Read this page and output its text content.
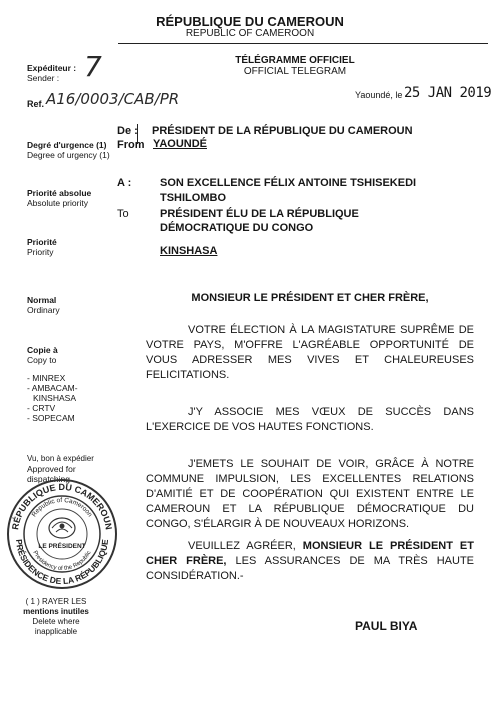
RÉPUBLIQUE DU CAMEROUN
REPUBLIC OF CAMEROON
TÉLÉGRAMME OFFICIEL
OFFICIAL TELEGRAM
Expéditeur :
Sender : 7
Ref. A16/0003/CAB/PR	Yaoundé, le 25 JAN 2019
Degré d'urgence (1)
Degree of urgency (1)
De :
From
PRÉSIDENT DE LA RÉPUBLIQUE DU CAMEROUN
YAOUNDÉ
Priorité absolue
Absolute priority
A :	SON EXCELLENCE FÉLIX ANTOINE TSHISEKEDI
TSHILOMBO
To	PRÉSIDENT ÉLU DE LA RÉPUBLIQUE
DÉMOCRATIQUE DU CONGO
KINSHASA
Priorité
Priority
Normal
Ordinary
Copie à
Copy to
- MINREX
- AMBACAM-
KINSHASA
- CRTV
- SOPECAM
Vu, bon à expédier
Approved for
dispatching
RÉPUBLIQUE DU CAMEROUN
PRÉSIDENCE DE LA RÉPUBLIQUE
Republic of Cameroon
Presidency of the Republic
LE PRÉSIDENT
( 1 ) RAYER LES
mentions inutiles
Delete where
inapplicable
MONSIEUR LE PRÉSIDENT ET CHER FRÈRE,
VOTRE ÉLECTION À LA MAGISTATURE SUPRÊME DE VOTRE PAYS, M'OFFRE L'AGRÉABLE OPPORTUNITÉ DE VOUS ADRESSER MES VIVES ET CHALEUREUSES FELICITATIONS.
J'Y ASSOCIE MES VŒUX DE SUCCÈS DANS L'EXERCICE DE VOS HAUTES FONCTIONS.
J'EMETS LE SOUHAIT DE VOIR, GRÂCE À NOTRE COMMUNE IMPULSION, LES EXCELLENTES RELATIONS D'AMITIÉ ET DE COOPÉRATION QUI EXISTENT ENTRE LE CAMEROUN ET LA RÉPUBLIQUE DÉMOCRATIQUE DU CONGO, S'ÉLARGIR À DE NOUVEAUX HORIZONS.
VEUILLEZ AGRÉER, MONSIEUR LE PRÉSIDENT ET CHER FRÈRE, LES ASSURANCES DE MA TRÈS HAUTE CONSIDÉRATION.-
PAUL BIYA
